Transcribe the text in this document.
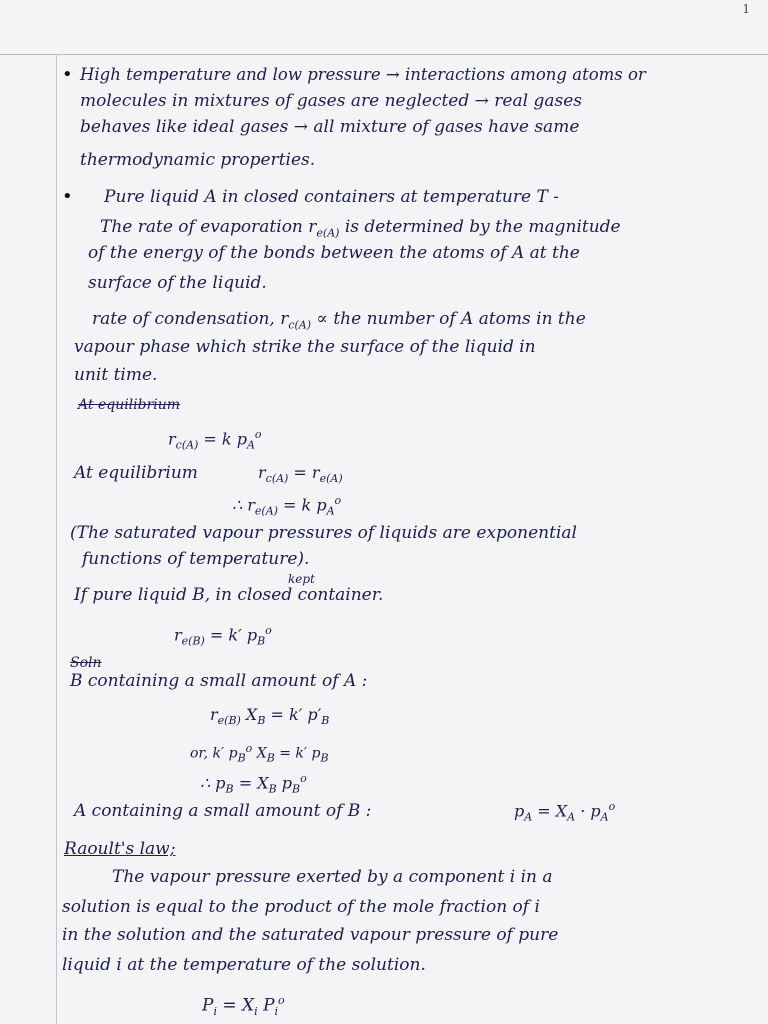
1
• High temperature and low pressure → interactions among atoms or
molecules in mixtures of gases are neglected → real gases
behaves like ideal gases → all mixture of gases have same
thermodynamic properties.
• Pure liquid A in closed containers at temperature T -
The rate of evaporation $r_{e(A)}$ is determined by the magnitude
of the energy of the bonds between the atoms of A at the
surface of the liquid.
rate of condensation, $r_{c(A)}$ ∝ the number of A atoms in the
vapour phase which strike the surface of the liquid in
unit time.
At equilibrium
$r_{c(A)} = k$ $p_A^o$
At equilibrium	$r_{c(A)} = r_{e(A)}$
∴ $r_{e(A)} = k$ $p_A^o$
(The saturated vapour pressures of liquids are exponential
functions of temperature).
kept
If pure liquid B, in closed container.
$r_{e(B)} = k'$ $p_B^o$
Soln
B containing a small amount of A :
$r_{e(B)}$ $X_B = k'$ $p'_B$
or, k′ $p_B^o$ $X_B = k'$ $p_B$
∴ $p_B = X_B$ $p_B^o$
A containing a small amount of B :	$p_A = X_A \cdot p_A^o$
Raoult's law;
The vapour pressure exerted by a component i in a
solution is equal to the product of the mole fraction of i
in the solution and the saturated vapour pressure of pure
liquid i at the temperature of the solution.
$P_i = X_i$ $P_i^o$
